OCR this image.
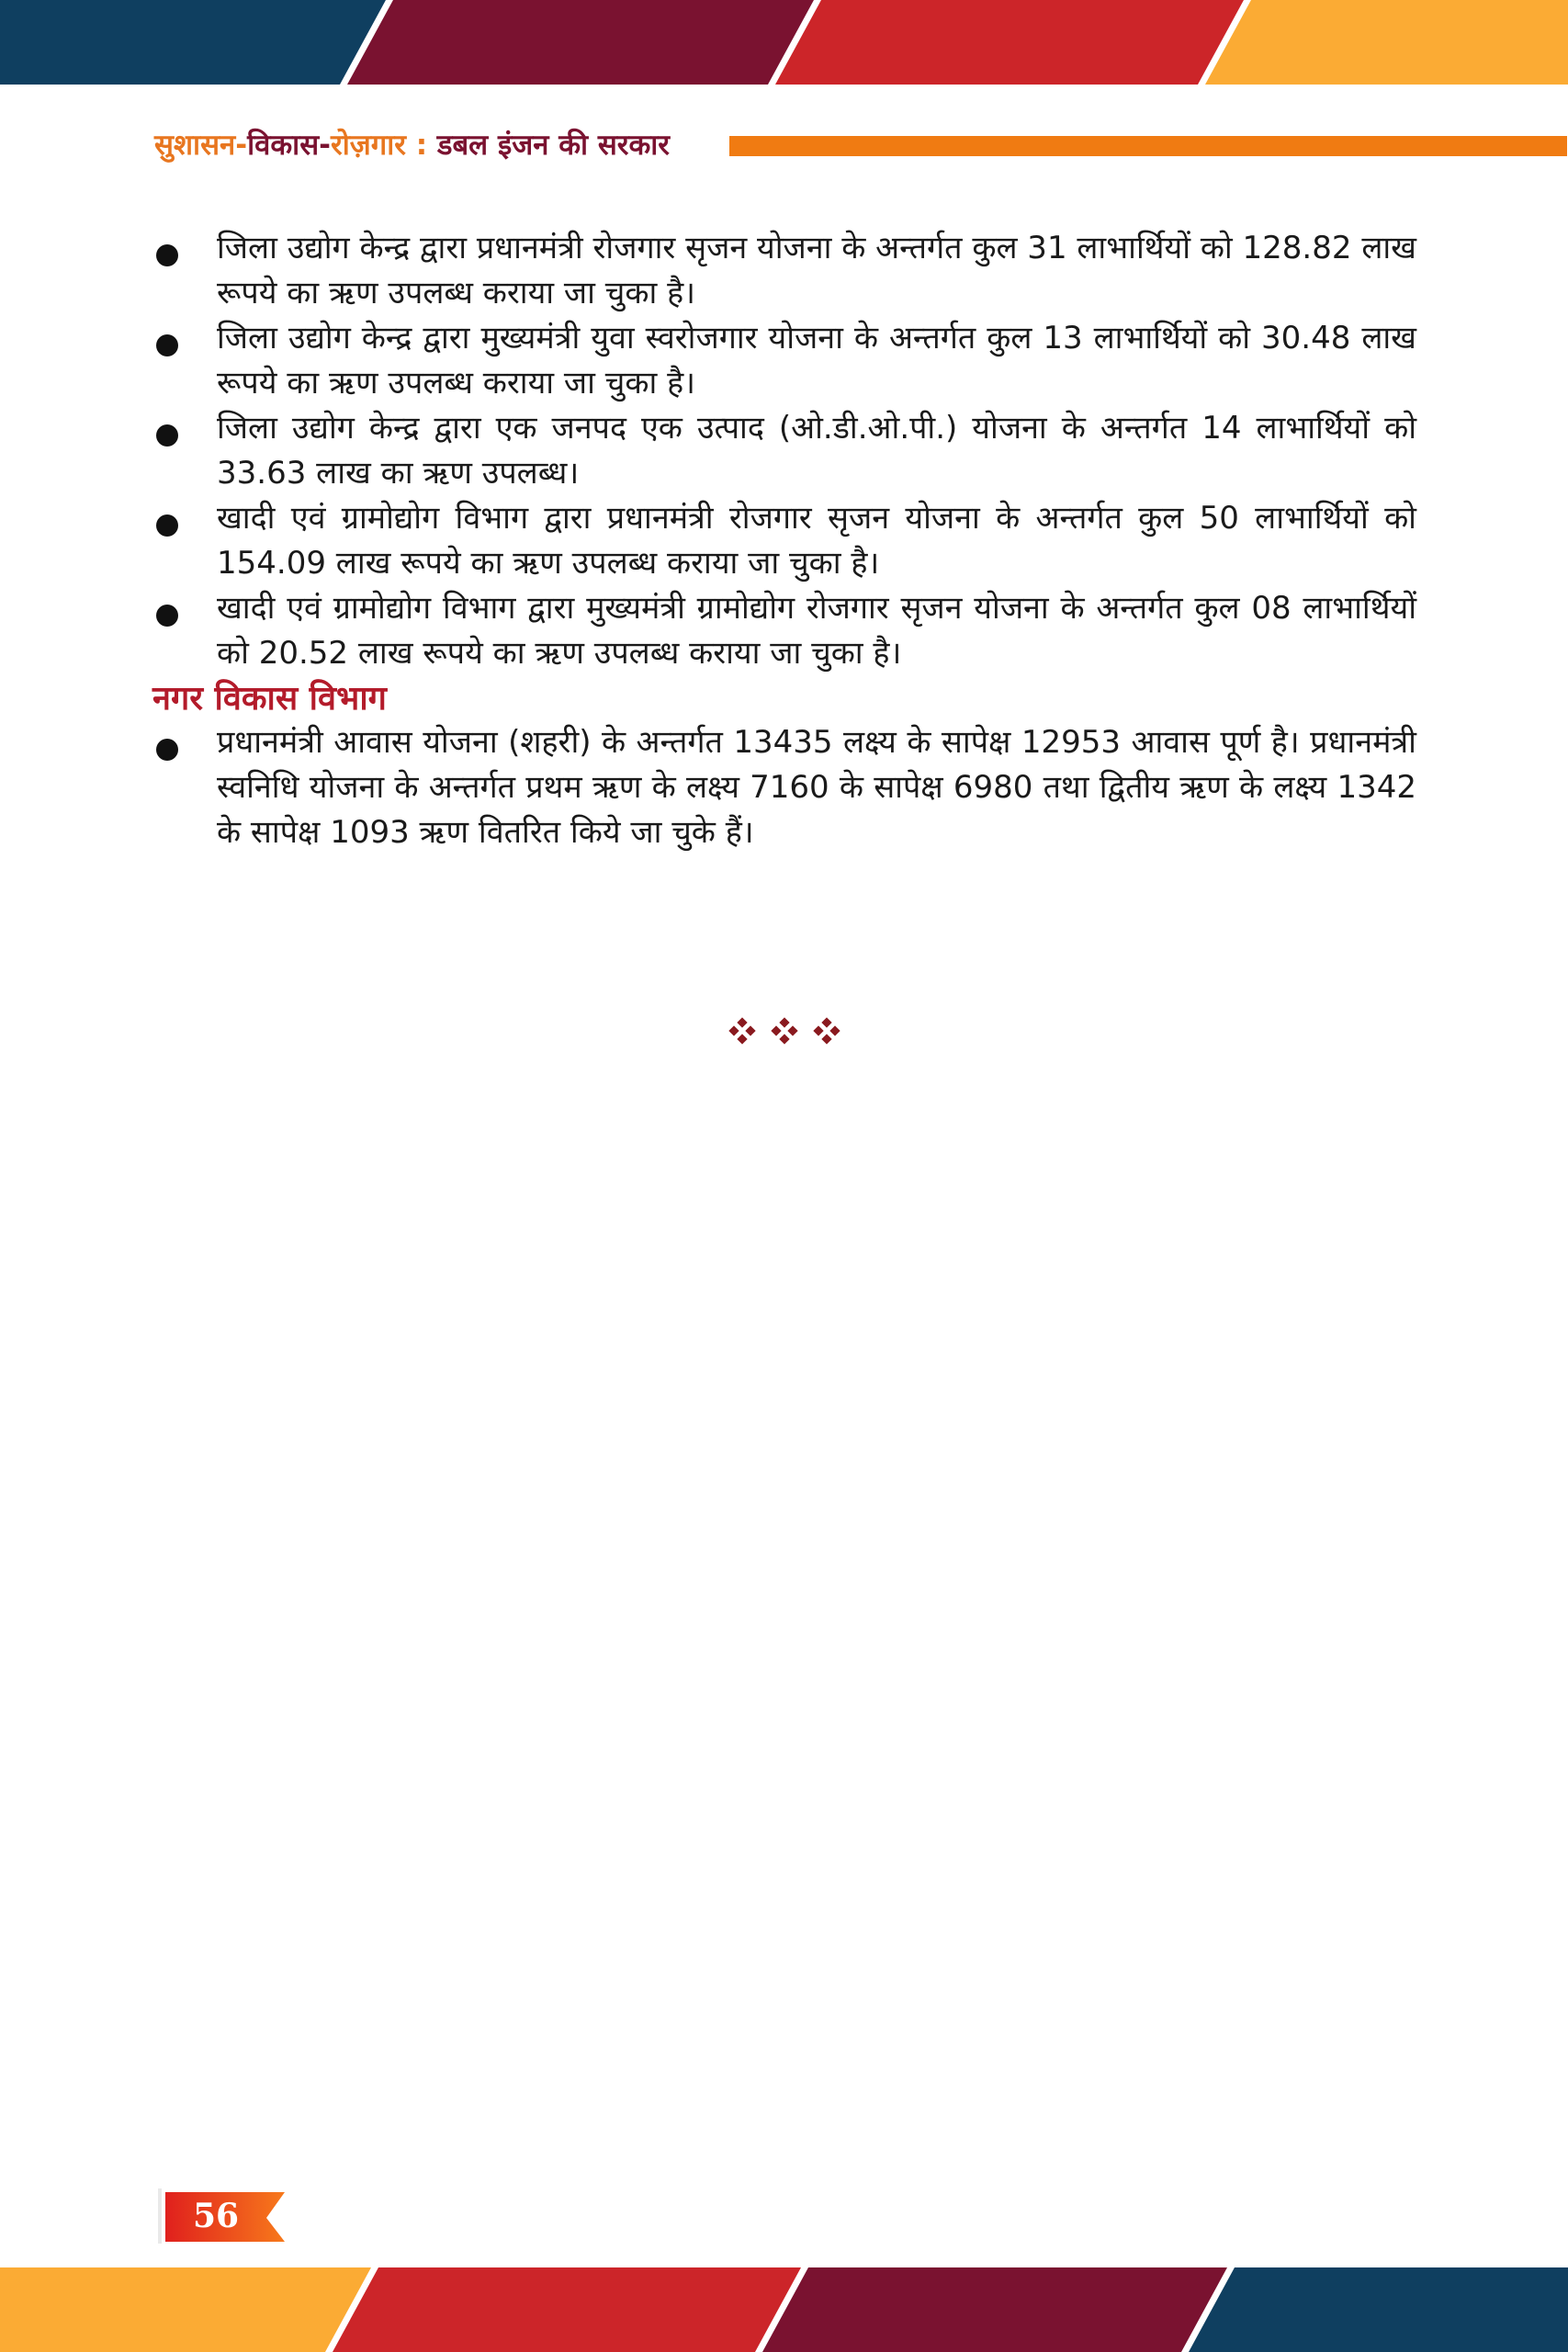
सुशासन-विकास-रोज़गार : डबल इंजन की सरकार

जिला उद्योग केन्द्र द्वारा प्रधानमंत्री रोजगार सृजन योजना के अन्तर्गत कुल 31 लाभार्थियों को 128.82 लाख रूपये का ऋण उपलब्ध कराया जा चुका है।

जिला उद्योग केन्द्र द्वारा मुख्यमंत्री युवा स्वरोजगार योजना के अन्तर्गत कुल 13 लाभार्थियों को 30.48 लाख रूपये का ऋण उपलब्ध कराया जा चुका है।

जिला उद्योग केन्द्र द्वारा एक जनपद एक उत्पाद (ओ.डी.ओ.पी.) योजना के अन्तर्गत 14 लाभार्थियों को 33.63 लाख का ऋण उपलब्ध।

खादी एवं ग्रामोद्योग विभाग द्वारा प्रधानमंत्री रोजगार सृजन योजना के अन्तर्गत कुल 50 लाभार्थियों को 154.09 लाख रूपये का ऋण उपलब्ध कराया जा चुका है।

खादी एवं ग्रामोद्योग विभाग द्वारा मुख्यमंत्री ग्रामोद्योग रोजगार सृजन योजना के अन्तर्गत कुल 08 लाभार्थियों को 20.52 लाख रूपये का ऋण उपलब्ध कराया जा चुका है।

नगर विकास विभाग

प्रधानमंत्री आवास योजना (शहरी) के अन्तर्गत 13435 लक्ष्य के सापेक्ष 12953 आवास पूर्ण है। प्रधानमंत्री स्वनिधि योजना के अन्तर्गत प्रथम ऋण के लक्ष्य 7160 के सापेक्ष 6980 तथा द्वितीय ऋण के लक्ष्य 1342 के सापेक्ष 1093 ऋण वितरित किये जा चुके हैं।

56
